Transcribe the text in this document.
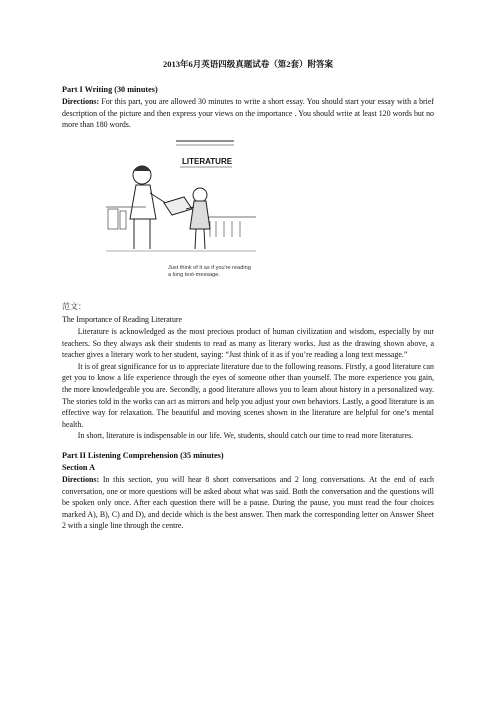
2013年6月英语四级真题试卷（第2套）附答案

Part I Writing (30 minutes)

Directions: For this part, you are allowed 30 minutes to write a short essay. You should start your essay with a brief description of the picture and then express your views on the importance . You should write at least 120 words but no more than 180 words.

LITERATURE
Just think of it as if you're reading
a long text-message.

范文：

The Importance of Reading Literature

Literature is acknowledged as the most precious product of human civilization and wisdom, especially by our teachers. So they always ask their students to read as many as literary works. Just as the drawing shown above, a teacher gives a literary work to her student, saying: “Just think of it as if you’re reading a long text message.”

It is of great significance for us to appreciate literature due to the following reasons. Firstly, a good literature can get you to know a life experience through the eyes of someone other than yourself. The more experience you gain, the more knowledgeable you are. Secondly, a good literature allows you to learn about history in a personalized way. The stories told in the works can act as mirrors and help you adjust your own behaviors. Lastly, a good literature is an effective way for relaxation. The beautiful and moving scenes shown in the literature are helpful for one’s mental health.

In short, literature is indispensable in our life. We, students, should catch our time to read more literatures.

Part II Listening Comprehension (35 minutes)

Section A

Directions: In this section, you will hear 8 short conversations and 2 long conversations. At the end of each conversation, one or more questions will be asked about what was said. Both the conversation and the questions will be spoken only once. After each question there will be a pause. During the pause, you must read the four choices marked A), B), C) and D), and decide which is the best answer. Then mark the corresponding letter on Answer Sheet 2 with a single line through the centre.
